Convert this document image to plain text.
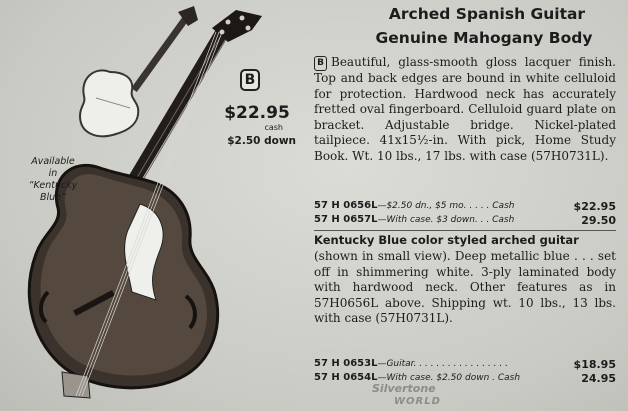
B
$22.95
cash
$2.50 down
Available
in
“Kentucky
Blue”
Arched Spanish Guitar
Genuine Mahogany Body
B Beautiful, glass-smooth gloss lacquer finish. Top and back edges are bound in white celluloid for protection. Hardwood neck has accurately fretted oval fingerboard. Celluloid guard plate on bracket. Adjustable bridge. Nickel-plated tailpiece. 41x15½-in. With pick, Home Study Book. Wt. 10 lbs., 17 lbs. with case (57H0731L).
57 H 0656L—$2.50 dn., $5 mo. . . . . Cash	$22.95
57 H 0657L—With case. $3 down. . . Cash	29.50
Kentucky Blue color styled arched guitar
(shown in small view). Deep metallic blue . . . set off in shimmering white. 3-ply laminated body with hardwood neck. Other features as in 57H0656L above. Shipping wt. 10 lbs., 13 lbs. with case (57H0731L).
57 H 0653L—Guitar. . . . . . . . . . . . . . . . .	$18.95
57 H 0654L—With case. $2.50 down . Cash	24.95
Silvertone
WORLD
